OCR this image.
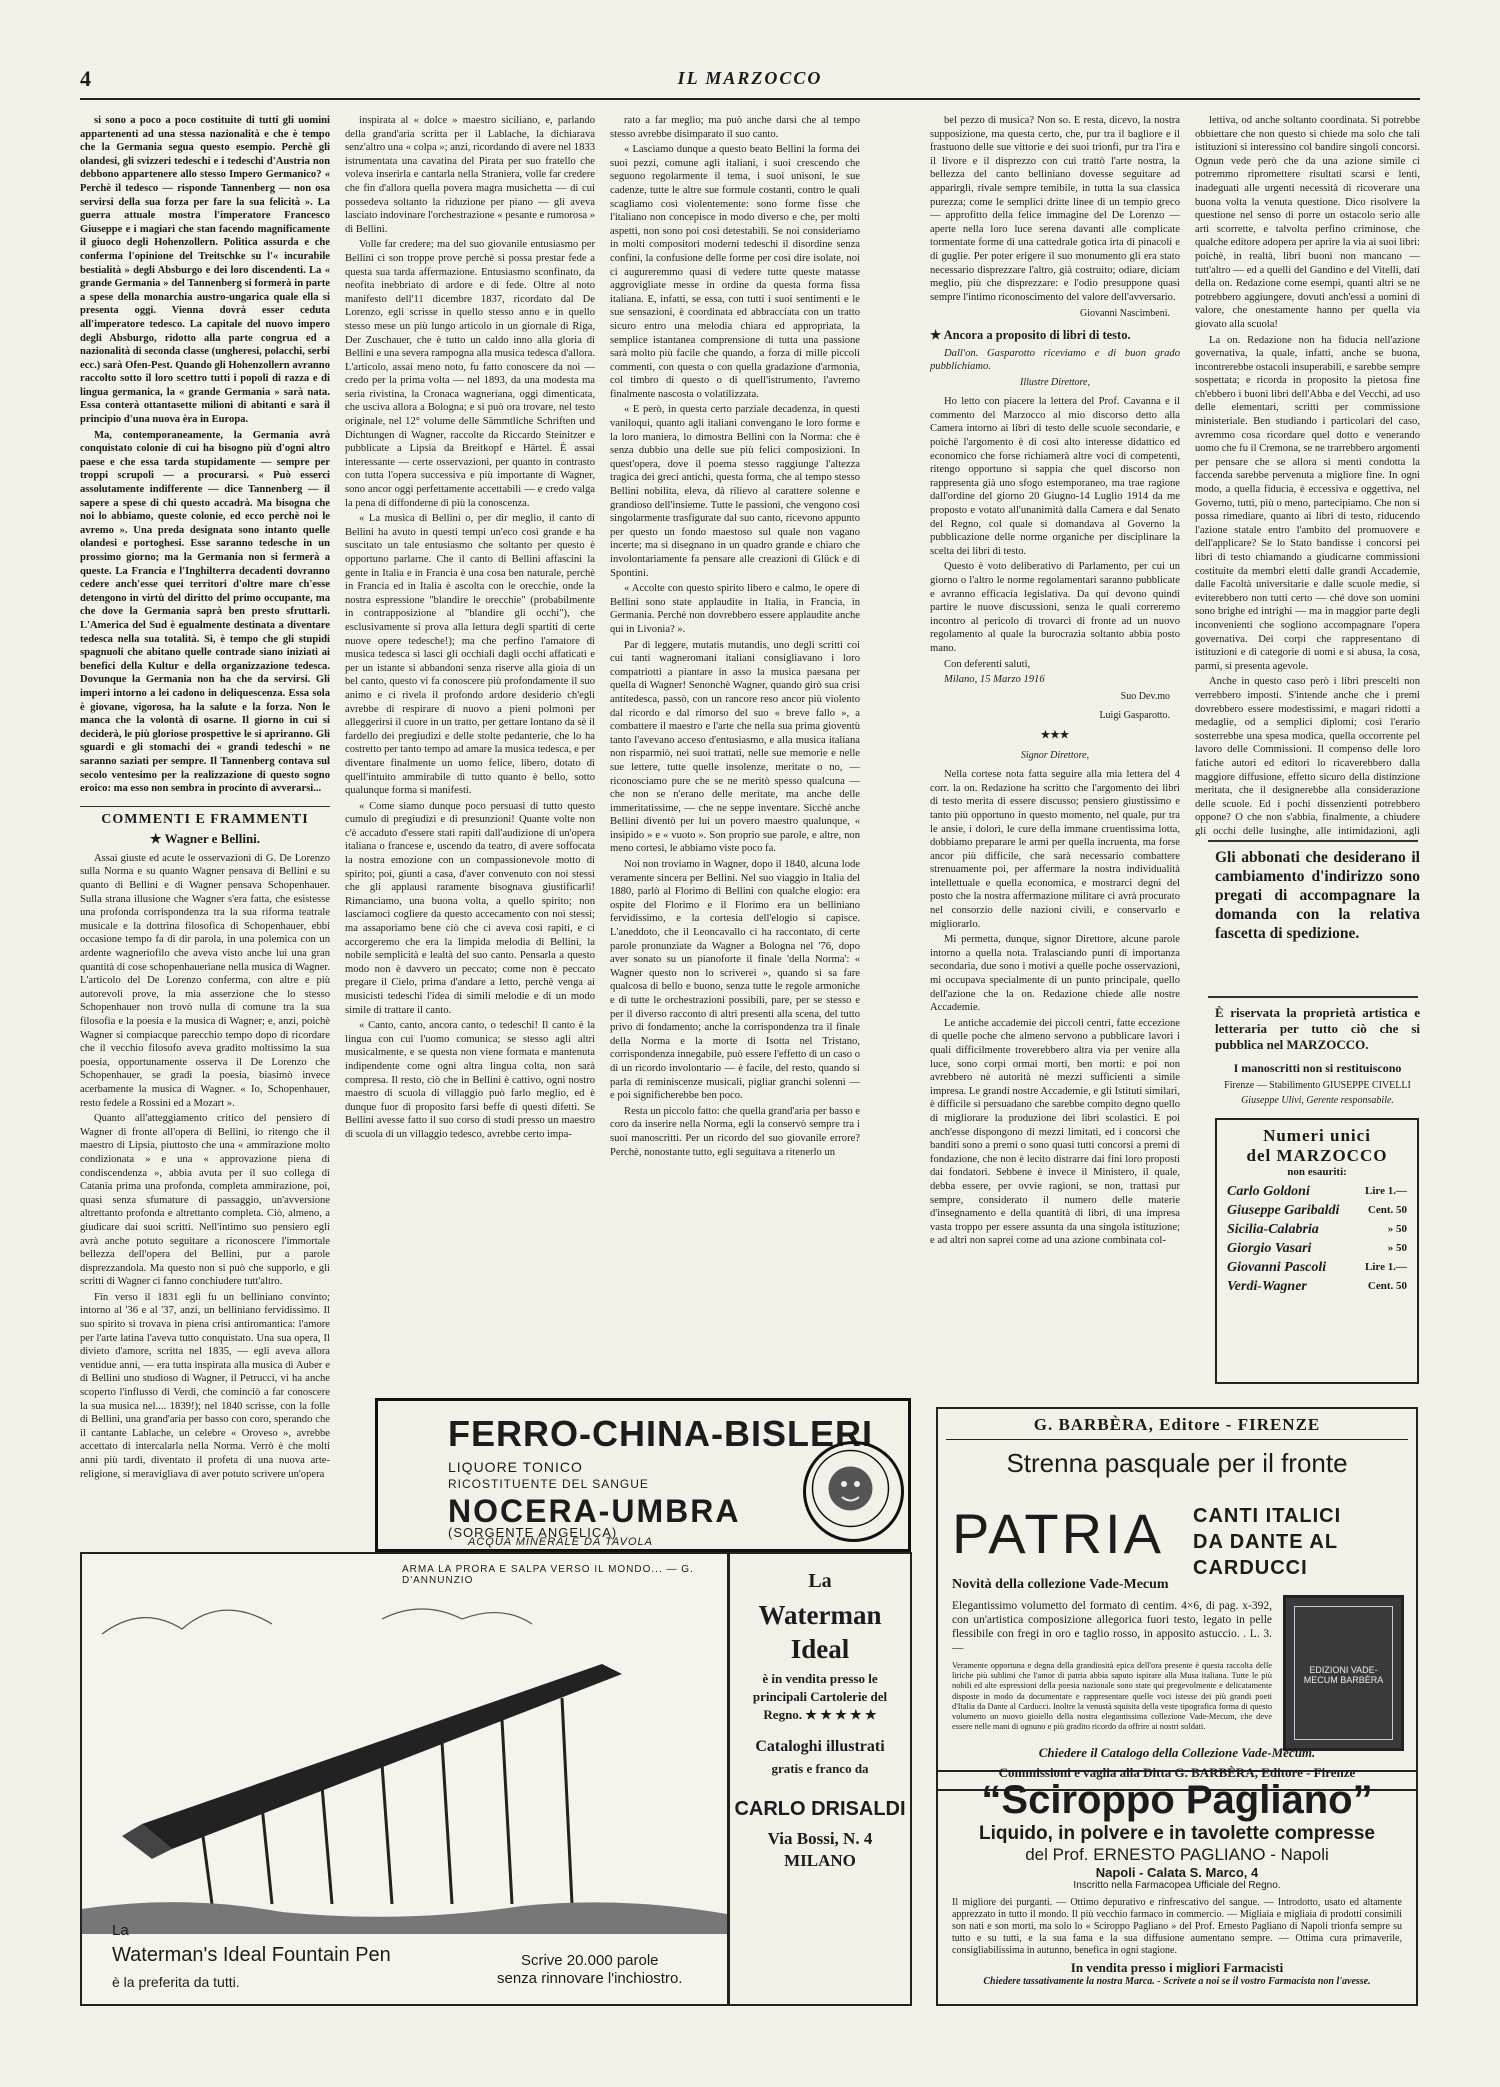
4	IL MARZOCCO

si sono a poco a poco costituite di tutti gli uomini appartenenti ad una stessa nazionalità e che è tempo che la Germania segua questo esempio. Perchè gli olandesi, gli svizzeri tedeschi e i tedeschi d'Austria non debbono appartenere allo stesso Impero Germanico? « Perchè il tedesco — risponde Tannenberg — non osa servirsi della sua forza per fare la sua felicità ». La guerra attuale mostra l'imperatore Francesco Giuseppe e i magiari che stan facendo magnificamente il giuoco degli Hohenzollern. Politica assurda e che conferma l'opinione del Treitschke su l'« incurabile bestialità » degli Absburgo e dei loro discendenti. La « grande Germania » del Tannenberg si formerà in parte a spese della monarchia austro-ungarica quale ella si presenta oggi. Vienna dovrà esser ceduta all'imperatore tedesco. La capitale del nuovo impero degli Absburgo, ridotto alla parte congrua ed a nazionalità di seconda classe (ungheresi, polacchi, serbi ecc.) sarà Ofen-Pest. Quando gli Hohenzollern avranno raccolto sotto il loro scettro tutti i popoli di razza e di lingua germanica, la « grande Germania » sarà nata. Essa conterà ottantasette milioni di abitanti e sarà il principio d'una nuova èra in Europa.

Ma, contemporaneamente, la Germania avrà conquistato colonie di cui ha bisogno più d'ogni altro paese e che essa tarda stupidamente — sempre per troppi scrupoli — a procurarsi. « Può esserci assolutamente indifferente — dice Tannenberg — il sapere a spese di chi questo accadrà. Ma bisogna che noi lo abbiamo, queste colonie, ed ecco perchè noi le avremo ». Una preda designata sono intanto quelle olandesi e portoghesi. Esse saranno tedesche in un prossimo giorno; ma la Germania non si fermerà a queste. La Francia e l'Inghilterra decadenti dovranno cedere anch'esse quei territori d'oltre mare ch'esse detengono in virtù del diritto del primo occupante, ma che dove la Germania saprà ben presto sfruttarli. L'America del Sud è egualmente destinata a diventare tedesca nella sua totalità. Sì, è tempo che gli stupidi spagnuoli che abitano quelle contrade siano iniziati ai benefici della Kultur e della organizzazione tedesca. Dovunque la Germania non ha che da servirsi. Gli imperi intorno a lei cadono in deliquescenza. Essa sola è giovane, vigorosa, ha la salute e la forza. Non le manca che la volontà di osarne. Il giorno in cui si deciderà, le più gloriose prospettive le si apriranno. Gli sguardi e gli stomachi dei « grandi tedeschi » ne saranno saziati per sempre. Il Tannenberg contava sul secolo ventesimo per la realizzazione di questo sogno eroico: ma esso non sembra in procinto di avverarsi...

COMMENTI E FRAMMENTI
★ Wagner e Bellini.

Assai giuste ed acute le osservazioni di G. De Lorenzo sulla Norma e su quanto Wagner pensava di Bellini e su quanto di Bellini e di Wagner pensava Schopenhauer. Sulla strana illusione che Wagner s'era fatta, che esistesse una profonda corrispondenza tra la sua riforma teatrale musicale e la dottrina filosofica di Schopenhauer, ebbi occasione tempo fa di dir parola, in una polemica con un ardente wagneriofilo che aveva visto anche lui una gran quantità di cose schopenhaueriane nella musica di Wagner. L'articolo del De Lorenzo conferma, con altre e più autorevoli prove, la mia asserzione che lo stesso Schopenhauer non trovò nulla di comune tra la sua filosofia e la poesia e la musica di Wagner; e, anzi, poichè Wagner si compiacque parecchio tempo dopo di ricordare che il vecchio filosofo aveva gradito moltissimo la sua poesia, opportunamente osserva il De Lorenzo che Schopenhauer, se gradì la poesia, biasimò invece acerbamente la musica di Wagner. « Io, Schopenhauer, resto fedele a Rossini ed a Mozart ».

Quanto all'atteggiamento critico del pensiero di Wagner di fronte all'opera di Bellini, io ritengo che il maestro di Lipsia, piuttosto che una « ammirazione molto condizionata » e una « approvazione piena di condiscendenza », abbia avuta per il suo collega di Catania prima una profonda, completa ammirazione, poi, quasi senza sfumature di passaggio, un'avversione altrettanto profonda e altrettanto completa. Ciò, almeno, a giudicare dai suoi scritti. Nell'intimo suo pensiero egli avrà anche potuto seguitare a riconoscere l'immortale bellezza dell'opera del Bellini, pur a parole disprezzandola. Ma questo non si può che supporlo, e gli scritti di Wagner ci fanno conchiudere tutt'altro.

Fin verso il 1831 egli fu un belliniano convinto; intorno al '36 e al '37, anzi, un belliniano fervidissimo. Il suo spirito si trovava in piena crisi antiromantica: l'amore per l'arte latina l'aveva tutto conquistato. Una sua opera, Il divieto d'amore, scritta nel 1835, — egli aveva allora ventidue anni, — era tutta inspirata alla musica di Auber e di Bellini uno studioso di Wagner, il Petrucci, vi ha anche scoperto l'influsso di Verdi, che cominciò a far conoscere la sua musica nel.... 1839!); nel 1840 scrisse, con la folle di Bellini, una grand'aria per basso con coro, sperando che il cantante Lablache, un celebre « Oroveso », avrebbe accettato di intercalarla nella Norma. Verrò è che molti anni più tardi, diventato il profeta di una nuova arte-religione, si meravigliava di aver potuto scrivere un'opera

inspirata al « dolce » maestro siciliano, e, parlando della grand'aria scritta per il Lablache, la dichiarava senz'altro una « colpa »; anzi, ricordando di avere nel 1833 istrumentata una cavatina del Pirata per suo fratello che voleva inserirla e cantarla nella Straniera, volle far credere che fin d'allora quella povera magra musichetta — di cui possedeva soltanto la riduzione per piano — gli aveva lasciato indovinare l'orchestrazione « pesante e rumorosa » di Bellini.

Volle far credere; ma del suo giovanile entusiasmo per Bellini ci son troppe prove perchè si possa prestar fede a questa sua tarda affermazione. Entusiasmo sconfinato, da neofita inebbriato di ardore e di fede. Oltre al noto manifesto dell'11 dicembre 1837, ricordato dal De Lorenzo, egli scrisse in quello stesso anno e in quello stesso mese un più lungo articolo in un giornale di Riga, Der Zuschauer, che è tutto un caldo inno alla gloria di Bellini e una severa rampogna alla musica tedesca d'allora. L'articolo, assai meno noto, fu fatto conoscere da noi — credo per la prima volta — nel 1893, da una modesta ma seria rivistina, la Cronaca wagneriana, oggi dimenticata, che usciva allora a Bologna; e si può ora trovare, nel testo originale, nel 12° volume delle Sämmtliche Schriften und Dichtungen di Wagner, raccolte da Riccardo Steinitzer e pubblicate a Lipsia da Breitkopf e Härtel. È assai interessante — certe osservazioni, per quanto in contrasto con tutta l'opera successiva e più importante di Wagner, sono ancor oggi perfettamente accettabili — e credo valga la pena di diffonderne di più la conoscenza.

« La musica di Bellini o, per dir meglio, il canto di Bellini ha avuto in questi tempi un'eco così grande e ha suscitato un tale entusiasmo che soltanto per questo è opportuno parlarne. Che il canto di Bellini affascini la gente in Italia e in Francia è una cosa ben naturale, perchè in Francia ed in Italia è ascolta con le orecchie, onde la nostra espressione "blandire le orecchie" (probabilmente in contrapposizione al "blandire gli occhi"), che esclusivamente si prova alla lettura degli spartiti di certe nuove opere tedesche!); ma che perfino l'amatore di musica tedesca si lasci gli occhiali dagli occhi affaticati e per un istante si abbandoni senza riserve alla gioia di un bel canto, questo vi fa conoscere più profondamente il suo animo e ci rivela il profondo ardore desiderio ch'egli avrebbe di respirare di nuovo a pieni polmoni per alleggerirsi il cuore in un tratto, per gettare lontano da sè il fardello dei pregiudizi e delle stolte pedanterie, che lo ha costretto per tanto tempo ad amare la musica tedesca, e per diventare finalmente un uomo felice, libero, dotato di quell'intuito ammirabile di tutto quanto è bello, sotto qualunque forma si manifesti.

« Come siamo dunque poco persuasi di tutto questo cumulo di pregiudizi e di presunzioni! Quante volte non c'è accaduto d'essere stati rapiti dall'audizione di un'opera italiana o francese e, uscendo da teatro, di avere soffocata la nostra emozione con un compassionevole motto di spirito; poi, giunti a casa, d'aver convenuto con noi stessi che gli applausi raramente bisognava giustificarli! Rimanciamo, una buona volta, a quello spirito; non lasciamoci cogliere da questo accecamento con noi stessi; ma assaporiamo bene ciò che ci aveva così rapiti, e ci accorgeremo che era la limpida melodia di Bellini, la nobile semplicità e lealtà del suo canto. Pensarla a questo modo non è davvero un peccato; come non è peccato pregare il Cielo, prima d'andare a letto, perchè venga ai musicisti tedeschi l'idea di simili melodie e di un modo simile di trattare il canto.

« Canto, canto, ancora canto, o tedeschi! Il canto è la lingua con cui l'uomo comunica; se stesso agli altri musicalmente, e se questa non viene formata e mantenuta indipendente come ogni altra lingua colta, non sarà compresa. Il resto, ciò che in Bellini è cattivo, ogni nostro maestro di scuola di villaggio può farlo meglio, ed è dunque fuor di proposito farsi beffe di questi difetti. Se Bellini avesse fatto il suo corso di studi presso un maestro di scuola di un villaggio tedesco, avrebbe certo impa-

rato a far meglio; ma può anche darsi che al tempo stesso avrebbe disimparato il suo canto.

« Lasciamo dunque a questo beato Bellini la forma dei suoi pezzi, comune agli italiani, i suoi crescendo che seguono regolarmente il tema, i suoi unisoni, le sue cadenze, tutte le altre sue formule costanti, contro le quali scagliamo così violentemente: sono forme fisse che l'italiano non concepisce in modo diverso e che, per molti aspetti, non sono poi così detestabili. Se noi consideriamo in molti compositori moderni tedeschi il disordine senza confini, la confusione delle forme per così dire isolate, noi ci augureremmo quasi di vedere tutte queste matasse aggrovigliate messe in ordine da questa forma fissa italiana. E, infatti, se essa, con tutti i suoi sentimenti e le sue sensazioni, è coordinata ed abbracciata con un tratto sicuro entro una melodia chiara ed appropriata, la semplice istantanea comprensione di tutta una passione sarà molto più facile che quando, a forza di mille piccoli commenti, con questa o con quella gradazione d'armonia, col timbro di questo o di quell'istrumento, l'avremo finalmente nascosta o volatilizzata.

« E però, in questa certo parziale decadenza, in questi vaniloqui, quanto agli italiani convengano le loro forme e la loro maniera, lo dimostra Bellini con la Norma: che è senza dubbio una delle sue più felici composizioni. In quest'opera, dove il poema stesso raggiunge l'altezza tragica dei greci antichi, questa forma, che al tempo stesso Bellini nobilita, eleva, dà rilievo al carattere solenne e grandioso dell'insieme. Tutte le passioni, che vengono così singolarmente trasfigurate dal suo canto, ricevono appunto per questo un fondo maestoso sul quale non vagano incerte; ma si disegnano in un quadro grande e chiaro che involontariamente fa pensare alle creazioni di Glück e di Spontini.

« Accolte con questo spirito libero e calmo, le opere di Bellini sono state applaudite in Italia, in Francia, in Germania. Perchè non dovrebbero essere applaudite anche qui in Livonia? ».

Par di leggere, mutatis mutandis, uno degli scritti coi cui tanti wagneromani italiani consigliavano i loro compatriotti a piantare in asso la musica paesana per quella di Wagner! Senonchè Wagner, quando girò sua crisi antitedesca, passò, con un rancore reso ancor più violento dal ricordo e dal rimorso del suo « breve fallo », a combattere il maestro e l'arte che nella sua prima gioventù tanto l'avevano acceso d'entusiasmo, e alla musica italiana non risparmiò, nei suoi trattati, nelle sue memorie e nelle sue lettere, tutte quelle insolenze, meritate o no, — riconosciamo pure che se ne meritò spesso qualcuna — che non se n'erano delle meritate, ma anche delle immeritatissime, — che ne seppe inventare. Sicchè anche Bellini diventò per lui un povero maestro qualunque, « insipido » e « vuoto ». Son proprio sue parole, e altre, non meno cortesi, le abbiamo viste poco fa.

Noi non troviamo in Wagner, dopo il 1840, alcuna lode veramente sincera per Bellini. Nel suo viaggio in Italia del 1880, parlò al Florimo di Bellini con qualche elogio: era ospite del Florimo e il Florimo era un belliniano fervidissimo, e la cortesia dell'elogio si capisce. L'aneddoto, che il Leoncavallo ci ha raccontato, di certe parole pronunziate da Wagner a Bologna nel '76, dopo aver sonato su un pianoforte il finale 'della Norma': « Wagner questo non lo scriverei », quando si sa fare qualcosa di bello e buono, senza tutte le regole armoniche e di tutte le orchestrazioni possibili, pare, per se stesso e per il diverso racconto di altri presenti alla scena, del tutto privo di fondamento; anche la corrispondenza tra il finale della Norma e la morte di Isotta nel Tristano, corrispondenza innegabile, può essere l'effetto di un caso o di un ricordo involontario — è facile, del resto, quando si parla di reminiscenze musicali, pigliar granchi solenni — e poi significherebbe ben poco.

Resta un piccolo fatto: che quella grand'aria per basso e coro da inserire nella Norma, egli la conservò sempre tra i suoi manoscritti. Per un ricordo del suo giovanile errore? Perchè, nonostante tutto, egli seguitava a ritenerlo un

bel pezzo di musica? Non so. E resta, dicevo, la nostra supposizione, ma questa certo, che, pur tra il bagliore e il frastuono delle sue vittorie e dei suoi trionfi, pur tra l'ira e il livore e il disprezzo con cui trattò l'arte nostra, la bellezza del canto belliniano dovesse seguitare ad apparirgli, rivale sempre temibile, in tutta la sua classica purezza; come le semplici dritte linee di un tempio greco — approfitto della felice immagine del De Lorenzo — aperte nella loro luce serena davanti alle complicate tormentate forme di una cattedrale gotica irta di pinacoli e di guglie. Per poter erigere il suo monumento gli era stato necessario disprezzare l'altro, già costruito; odiare, diciam meglio, più che disprezzare: e l'odio presuppone quasi sempre l'intimo riconoscimento del valore dell'avversario.

Giovanni Nascimbeni.
★ Ancora a proposito di libri di testo.

Dall'on. Gasparotto riceviamo e di buon grado pubblichiamo.

Illustre Direttore,

Ho letto con piacere la lettera del Prof. Cavanna e il commento del Marzocco al mio discorso detto alla Camera intorno ai libri di testo delle scuole secondarie, e poichè l'argomento è di così alto interesse didattico ed economico che forse richiamerà altre voci di competenti, ritengo opportuno si sappia che quel discorso non rappresenta già uno sfogo estemporaneo, ma trae ragione dall'ordine del giorno 20 Giugno-14 Luglio 1914 da me proposto e votato all'unanimità dalla Camera e dal Senato del Regno, col quale si domandava al Governo la pubblicazione delle norme organiche per disciplinare la scelta dei libri di testo.

Questo è voto deliberativo di Parlamento, per cui un giorno o l'altro le norme regolamentari saranno pubblicate e avranno efficacia legislativa. Da qui devono quindi partire le nuove discussioni, senza le quali correremo incontro al pericolo di trovarci di fronte ad un nuovo regolamento al quale la burocrazia soltanto abbia posto mano.

Con deferenti saluti,

Milano, 15 Marzo 1916

Suo Dev.mo
Luigi Gasparotto.
★★★
Signor Direttore,

Nella cortese nota fatta seguire alla mia lettera del 4 corr. la on. Redazione ha scritto che l'argomento dei libri di testo merita di essere discusso; pensiero giustissimo e tanto più opportuno in questo momento, nel quale, pur tra le ansie, i dolori, le cure della immane cruentissima lotta, dobbiamo preparare le armi per quella incruenta, ma forse ancor più difficile, che sarà necessario combattere strenuamente poi, per affermare la nostra individualità intellettuale e quella economica, e mostrarci degni del posto che la nostra affermazione militare ci avrà procurato nel consorzio delle nazioni civili, e conservarlo e migliorarlo.

Mi permetta, dunque, signor Direttore, alcune parole intorno a quella nota. Tralasciando punti di importanza secondaria, due sono i motivi a quelle poche osservazioni, mi occupava specialmente di un punto principale, quello dell'azione che la on. Redazione chiede alle nostre Accademie.

Le antiche accademie dei piccoli centri, fatte eccezione di quelle poche che almeno servono a pubblicare lavori i quali difficilmente troverebbero altra via per venire alla luce, sono corpi ormai morti, ben morti: e poi non avrebbero nè autorità nè mezzi sufficienti a simile impresa. Le grandi nostre Accademie, e gli Istituti similari, è difficile si persuadano che sarebbe compito degno quello di migliorare la produzione dei libri scolastici. E poi anch'esse dispongono di mezzi limitati, ed i concorsi che banditi sono a premi o sono quasi tutti concorsi a premi di fondazione, che non è lecito distrarre dai fini loro proposti dai fondatori. Sebbene è invece il Ministero, il quale, debba essere, per ovvie ragioni, se non, trattasi pur sempre, considerato il numero delle materie d'insegnamento e della quantità di libri, di una impresa vasta troppo per essere assunta da una singola istituzione; e ad altri non saprei come ad una azione combinata col-

lettiva, od anche soltanto coordinata. Si potrebbe obbiettare che non questo si chiede ma solo che tali istituzioni si interessino col bandire singoli concorsi. Ognun vede però che da una azione simile ci potremmo ripromettere risultati scarsi e lenti, inadeguati alle urgenti necessità di ricoverare una buona volta la venuta questione. Dico risolvere la questione nel senso di porre un ostacolo serio alle arti scorrette, e talvolta perfino criminose, che qualche editore adopera per aprire la via ai suoi libri: poichè, in realtà, libri buoni non mancano — tutt'altro — ed a quelli del Gandino e del Vitelli, dati della on. Redazione come esempi, quanti altri se ne potrebbero aggiungere, dovuti anch'essi a uomini di valore, che onestamente hanno per quella via giovato alla scuola!

La on. Redazione non ha fiducia nell'azione governativa, la quale, infatti, anche se buona, incontrerebbe ostacoli insuperabili, e sarebbe sempre sospettata; e ricorda in proposito la pietosa fine ch'ebbero i buoni libri dell'Abba e del Vecchi, ad uso delle elementari, scritti per commissione ministeriale. Ben studiando i particolari del caso, avremmo cosa ricordare quel dotto e venerando uomo che fu il Cremona, se ne trarrebbero argomenti per pensare che se allora si mentì condotta la faccenda sarebbe pervenuta a migliore fine. In ogni modo, a quella fiducia, è eccessiva e oggettiva, nel Governo, tutti, più o meno, partecipiamo. Che non si possa rimediare, quanto ai libri di testo, riducendo l'azione statale entro l'ambito del promuovere e dell'applicare? Se lo Stato bandisse i concorsi pei libri di testo chiamando a giudicarne commissioni costituite da membri eletti dalle grandi Accademie, dalle Facoltà universitarie e dalle scuole medie, si eviterebbero non tutti certo — ché dove son uomini sono brighe ed intrighi — ma in maggior parte degli inconvenienti che sogliono accompagnare l'opera governativa. Dei corpi che rappresentano di istituzioni e di categorie di uomi e si abusa, la cosa, parmi, si presenta agevole.

Anche in questo caso però i libri prescelti non verrebbero imposti. S'intende anche che i premi dovrebbero essere modestissimi, e magari ridotti a medaglie, od a semplici diplomi; così l'erario sosterrebbe una spesa modica, quella occorrente pel lavoro delle Commissioni. Il compenso delle loro fatiche autori ed editori lo ricaverebbero dalla maggiore diffusione, effetto sicuro della distinzione meritata, che il designerebbe alla considerazione delle scuole. Ed i pochi dissenzienti potrebbero oppone? O che non s'abbia, finalmente, a chiudere gli occhi delle lusinghe, alle intimidazioni, agli

Gli abbonati che desiderano il cambiamento d'indirizzo sono pregati di accompagnare la domanda con la relativa fascetta di spedizione.
È riservata la proprietà artistica e letteraria per tutto ciò che si pubblica nel MARZOCCO.
I manoscritti non si restituiscono
Firenze — Stabilimento GIUSEPPE CIVELLI
Giuseppe Ulivi, Gerente responsabile.
Numeri unici
del MARZOCCO
non esauriti:
Carlo Goldoni	Lire 1.—
Giuseppe Garibaldi	Cent. 50
Sicilia-Calabria	» 50
Giorgio Vasari	» 50
Giovanni Pascoli	Lire 1.—
Verdi-Wagner	Cent. 50
FERRO-CHINA-BISLERI
LIQUORE TONICO
RICOSTITUENTE DEL SANGUE
NOCERA-UMBRA
(SORGENTE ANGELICA)
ACQUA MINERALE DA TAVOLA
ARMA LA PRORA E SALPA VERSO IL MONDO... — G. D'ANNUNZIO
La
Waterman's Ideal Fountain Pen
è la preferita da tutti.
Scrive 20.000 parole
senza rinnovare l'inchiostro.
La
Waterman
Ideal
è in vendita presso le principali Cartolerie del Regno. ★ ★ ★ ★ ★
Cataloghi illustrati
gratis e franco da
CARLO DRISALDI
Via Bossi, N. 4
MILANO
G. BARBÈRA, Editore - FIRENZE
Strenna pasquale per il fronte
PATRIA CANTI ITALICI
DA DANTE AL CARDUCCI
Novità della collezione Vade-Mecum
Elegantissimo volumetto del formato di centim. 4×6, di pag. x-392, con un'artistica composizione allegorica fuori testo, legato in pelle flessibile con fregi in oro e taglio rosso, in apposito astuccio. . L. 3. —
Veramente opportuna e degna della grandiosità epica dell'ora presente è questa raccolta delle liriche più sublimi che l'amor di patria abbia saputo ispirare alla Musa italiana. Tutte le più nobili ed alte espressioni della poesia nazionale sono state qui pregevolmente e delicatamente disposte in modo da documentare e rappresentare quelle voci istesse dei più grandi poeti d'Italia da Dante al Carducci. Inoltre la venustà squisita della veste tipografica forma di questo volumetto un nuovo gioiello della nostra elegantissima collezione Vade-Mecum, che deve essere nelle mani di ognuno e più gradito ricordo da offrire ai nostri soldati.
EDIZIONI VADE-MECUM BARBÈRA
Chiedere il Catalogo della Collezione Vade-Mecum.
Commissioni e vaglia alla Ditta G. BARBÈRA, Editore - Firenze
“Sciroppo Pagliano”
Liquido, in polvere e in tavolette compresse
del Prof. ERNESTO PAGLIANO - Napoli
Napoli - Calata S. Marco, 4
Inscritto nella Farmacopea Ufficiale del Regno.
Il migliore dei purganti. — Ottimo depurativo e rinfrescativo del sangue. — Introdotto, usato ed altamente apprezzato in tutto il mondo. Il più vecchio farmaco in commercio. — Migliaia e migliaia di prodotti consimili son nati e son morti, ma solo lo « Sciroppo Pagliano » del Prof. Ernesto Pagliano di Napoli trionfa sempre su tutto e su tutti, e la sua fama e la sua diffusione aumentano sempre. — Ottima cura primaverile, consigliabilissima in autunno, benefica in ogni stagione.
In vendita presso i migliori Farmacisti
Chiedere tassativamente la nostra Marca. - Scrivete a noi se il vostro Farmacista non l'avesse.
